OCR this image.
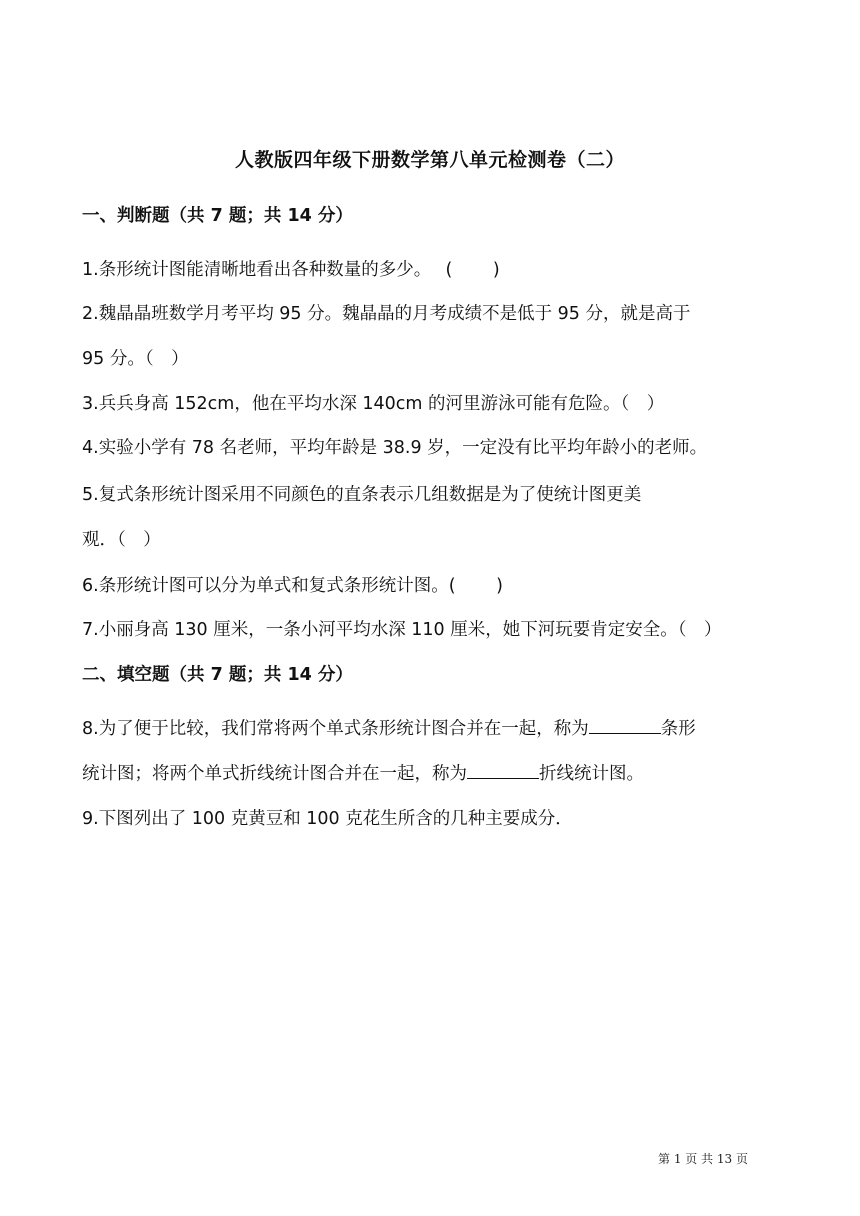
人教版四年级下册数学第八单元检测卷（二）
一、判断题（共 7 题；共 14 分）
1.条形统计图能清晰地看出各种数量的多少。　 (　　 )
2.魏晶晶班数学月考平均 95 分。魏晶晶的月考成绩不是低于 95 分，就是高于
95 分。（　）
3.兵兵身高 152cm，他在平均水深 140cm 的河里游泳可能有危险。（　）
4.实验小学有 78 名老师，平均年龄是 38.9 岁，一定没有比平均年龄小的老师。
5.复式条形统计图采用不同颜色的直条表示几组数据是为了使统计图更美
观．（　）
6.条形统计图可以分为单式和复式条形统计图。(　　 )
7.小丽身高 130 厘米，一条小河平均水深 110 厘米，她下河玩要肯定安全。（　）
二、填空题（共 7 题；共 14 分）
8.为了便于比较，我们常将两个单式条形统计图合并在一起，称为	条形
统计图；将两个单式折线统计图合并在一起，称为	折线统计图。
9.下图列出了 100 克黄豆和 100 克花生所含的几种主要成分．
第 1 页 共 13 页
